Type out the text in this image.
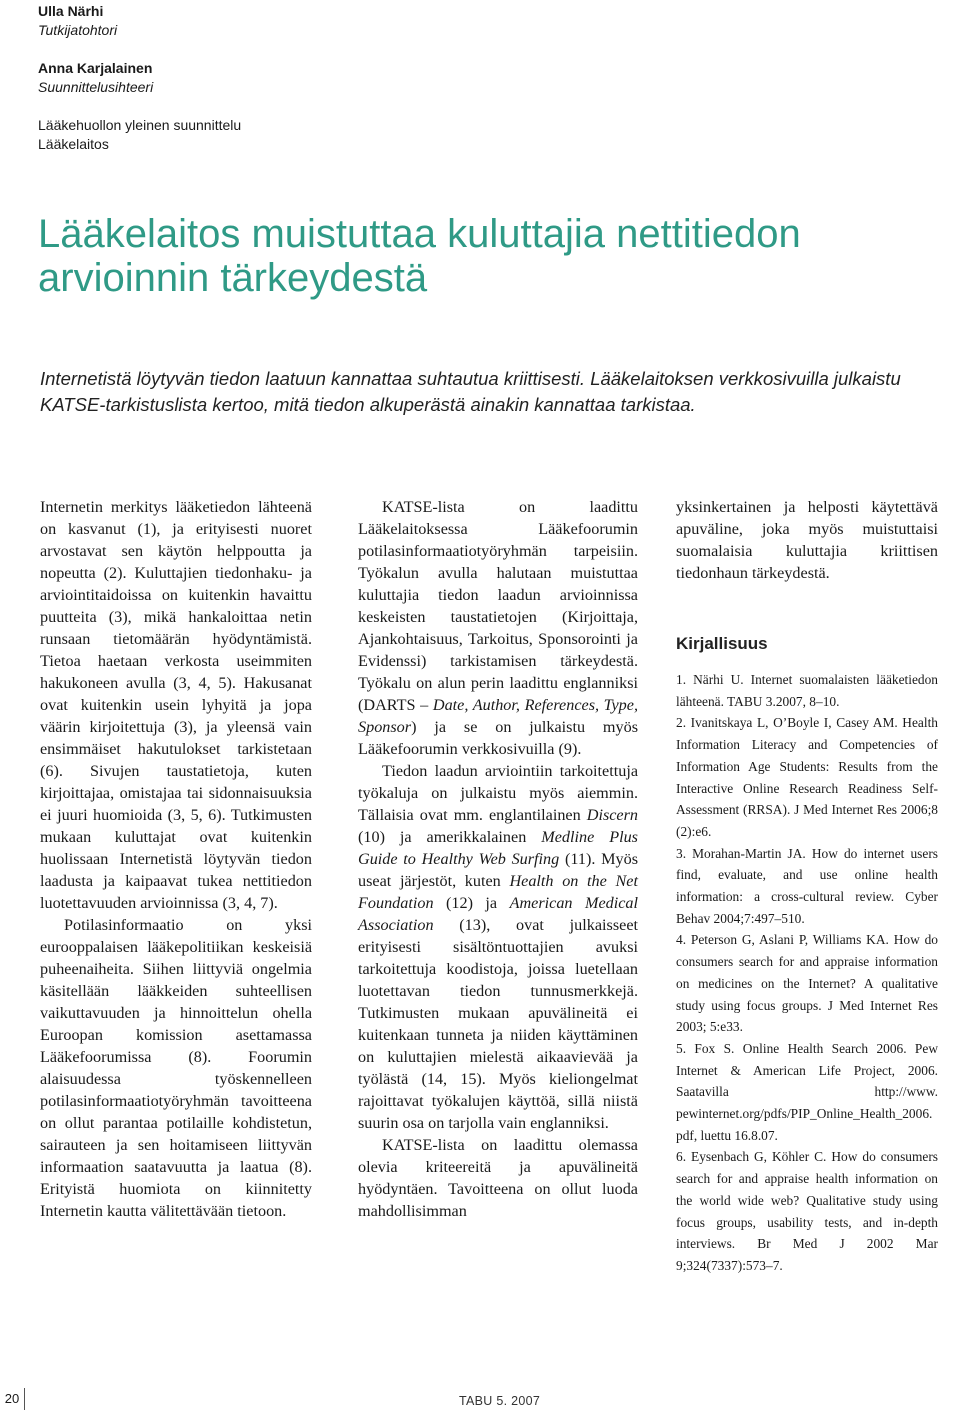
Ulla Närhi
Tutkijatohtori
Anna Karjalainen
Suunnittelusihteeri
Lääkehuollon yleinen suunnittelu
Lääkelaitos
Lääkelaitos muistuttaa kuluttajia nettitiedon arvioinnin tärkeydestä

Internetistä löytyvän tiedon laatuun kannattaa suhtautua kriittisesti. Lääkelaitoksen verkkosivuilla julkaistu KATSE-tarkistuslista kertoo, mitä tiedon alkuperästä ainakin kannattaa tarkistaa.

Internetin merkitys lääketiedon lähteenä on kasvanut (1), ja erityisesti nuoret arvostavat sen käytön helppoutta ja nopeutta (2). Kuluttajien tiedonhaku- ja arviointitaidoissa on kuitenkin havaittu puutteita (3), mikä hankaloittaa netin runsaan tietomäärän hyödyntämistä. Tietoa haetaan verkosta useimmiten hakukoneen avulla (3, 4, 5). Hakusanat ovat kuitenkin usein lyhyitä ja jopa väärin kirjoitettuja (3), ja yleensä vain ensimmäiset hakutulokset tarkistetaan (6). Sivujen taustatietoja, kuten kirjoittajaa, omistajaa tai sidonnaisuuksia ei juuri huomioida (3, 5, 6). Tutkimusten mukaan kuluttajat ovat kuitenkin huolissaan Internetistä löytyvän tiedon laadusta ja kaipaavat tukea nettitiedon luotettavuuden arvioinnissa (3, 4, 7).

Potilasinformaatio on yksi eurooppalaisen lääkepolitiikan keskeisiä puheenaiheita. Siihen liittyviä ongelmia käsitellään lääkkeiden suhteellisen vaikuttavuuden ja hinnoittelun ohella Euroopan komission asettamassa Lääkefoorumissa (8). Foorumin alaisuudessa työskennelleen potilasinformaatiotyöryhmän tavoitteena on ollut parantaa potilaille kohdistetun, sairauteen ja sen hoitamiseen liittyvän informaation saatavuutta ja laatua (8). Erityistä huomiota on kiinnitetty Internetin kautta välitettävään tietoon.

KATSE-lista on laadittu Lääkelaitoksessa Lääkefoorumin potilasinformaatiotyöryhmän tarpeisiin. Työkalun avulla halutaan muistuttaa kuluttajia tiedon laadun arvioinnissa keskeisten taustatietojen (Kirjoittaja, Ajankohtaisuus, Tarkoitus, Sponsorointi ja Evidenssi) tarkistamisen tärkeydestä. Työkalu on alun perin laadittu englanniksi (DARTS – Date, Author, References, Type, Sponsor) ja se on julkaistu myös Lääkefoorumin verkkosivuilla (9).

Tiedon laadun arviointiin tarkoitettuja työkaluja on julkaistu myös aiemmin. Tällaisia ovat mm. englantilainen Discern (10) ja amerikkalainen Medline Plus Guide to Healthy Web Surfing (11). Myös useat järjestöt, kuten Health on the Net Foundation (12) ja American Medical Association (13), ovat julkaisseet erityisesti sisältöntuottajien avuksi tarkoitettuja koodistoja, joissa luetellaan luotettavan tiedon tunnusmerkkejä. Tutkimusten mukaan apuvälineitä ei kuitenkaan tunneta ja niiden käyttäminen on kuluttajien mielestä aikaavievää ja työlästä (14, 15). Myös kieliongelmat rajoittavat työkalujen käyttöä, sillä niistä suurin osa on tarjolla vain englanniksi.

KATSE-lista on laadittu olemassa olevia kriteereitä ja apuvälineitä hyödyntäen. Tavoitteena on ollut luoda mahdollisimman

yksinkertainen ja helposti käytettävä apuväline, joka myös muistuttaisi suomalaisia kuluttajia kriittisen tiedonhaun tärkeydestä.

Kirjallisuus

1. Närhi U. Internet suomalaisten lääketiedon lähteenä. TABU 3.2007, 8–10.

2. Ivanitskaya L, O’Boyle I, Casey AM. Health Information Literacy and Competencies of Information Age Students: Results from the Interactive Online Research Readiness Self-Assessment (RRSA). J Med Internet Res 2006;8 (2):e6.

3. Morahan-Martin JA. How do internet users find, evaluate, and use online health information: a cross-cultural review. Cyber Behav 2004;7:497–510.

4. Peterson G, Aslani P, Williams KA. How do consumers search for and appraise information on medicines on the Internet? A qualitative study using focus groups. J Med Internet Res 2003; 5:e33.

5. Fox S. Online Health Search 2006. Pew Internet & American Life Project, 2006. Saatavilla http://www. pewinternet.org/pdfs/PIP_Online_Health_2006. pdf, luettu 16.8.07.

6. Eysenbach G, Köhler C. How do consumers search for and appraise health information on the world wide web? Qualitative study using focus groups, usability tests, and in-depth interviews. Br Med J 2002 Mar 9;324(7337):573–7.

20	TABU 5. 2007
